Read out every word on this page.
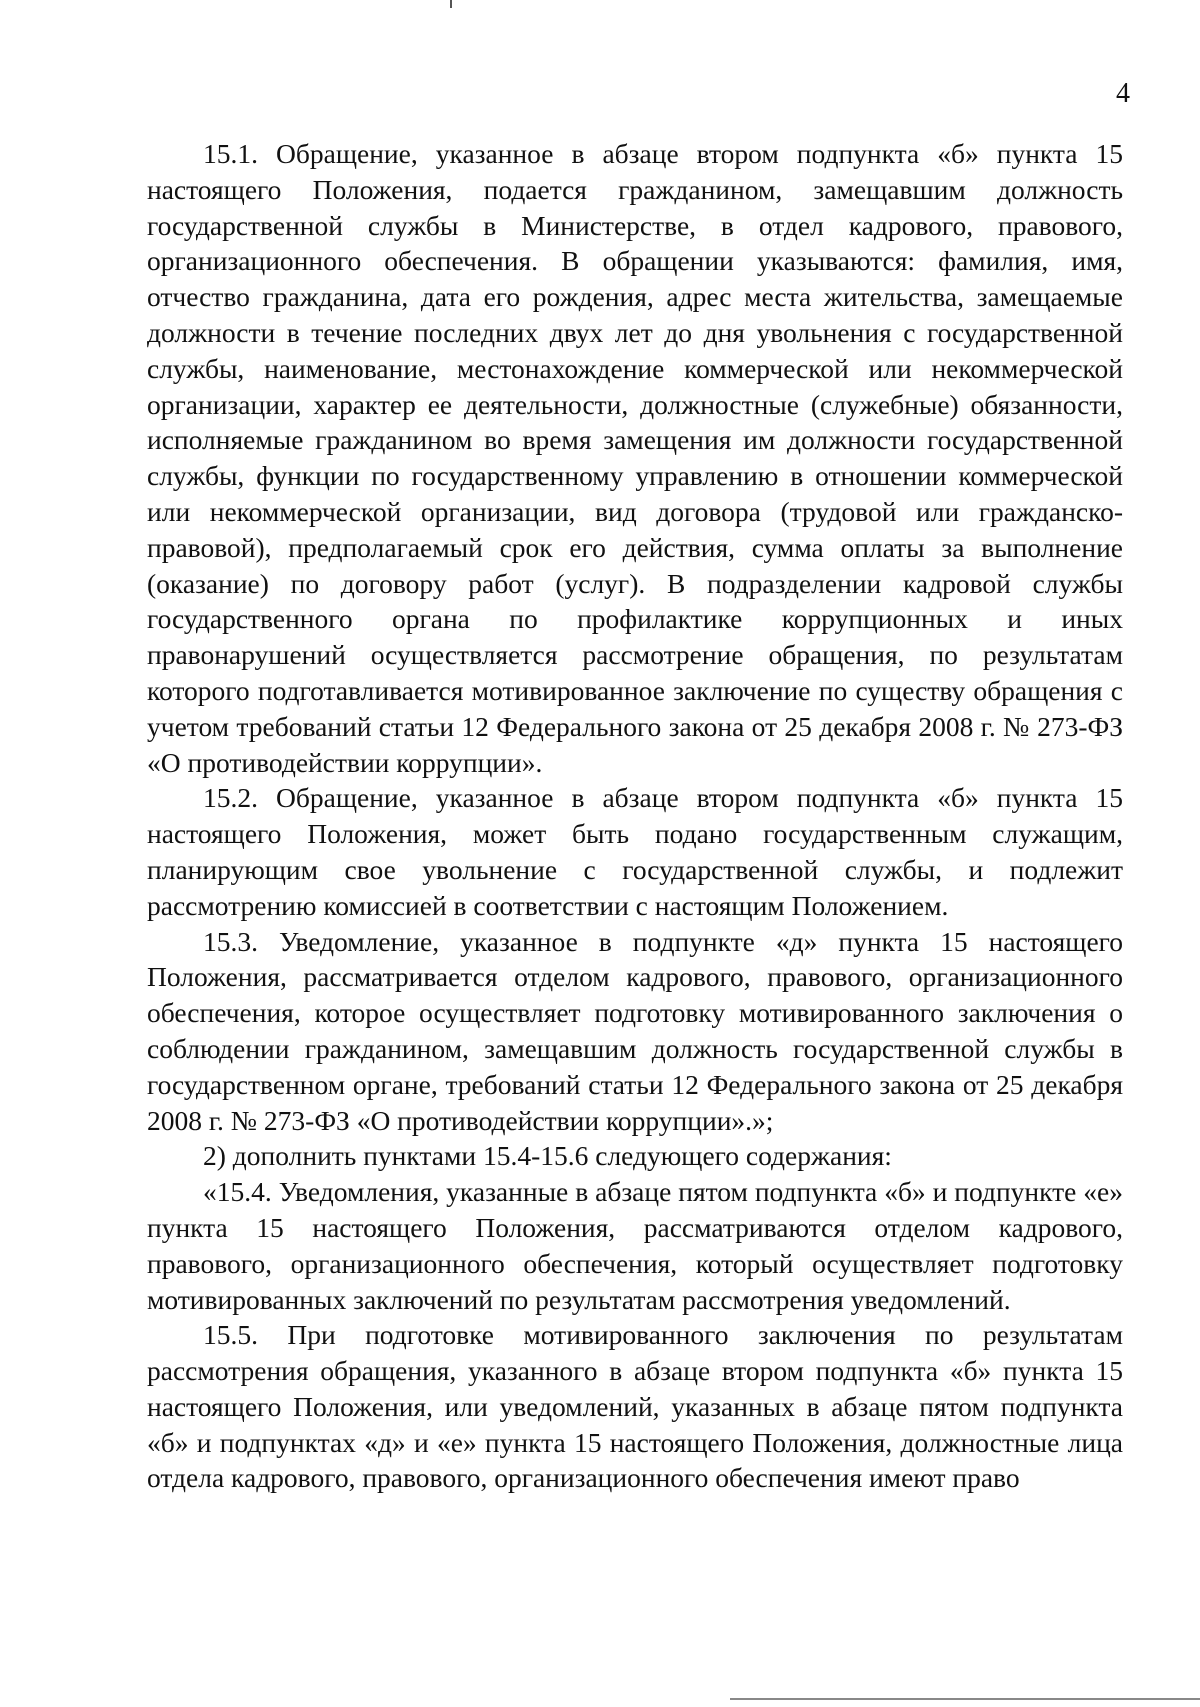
4

15.1. Обращение, указанное в абзаце втором подпункта «б» пункта 15 настоящего Положения, подается гражданином, замещавшим должность государственной службы в Министерстве, в отдел кадрового, правового, организационного обеспечения. В обращении указываются: фамилия, имя, отчество гражданина, дата его рождения, адрес места жительства, замещаемые должности в течение последних двух лет до дня увольнения с государственной службы, наименование, местонахождение коммерческой или некоммерческой организации, характер ее деятельности, должностные (служебные) обязанности, исполняемые гражданином во время замещения им должности государственной службы, функции по государственному управлению в отношении коммерческой или некоммерческой организации, вид договора (трудовой или гражданско-правовой), предполагаемый срок его действия, сумма оплаты за выполнение (оказание) по договору работ (услуг). В подразделении кадровой службы государственного органа по профилактике коррупционных и иных правонарушений осуществляется рассмотрение обращения, по результатам которого подготавливается мотивированное заключение по существу обращения с учетом требований статьи 12 Федерального закона от 25 декабря 2008 г. № 273-ФЗ «О противодействии коррупции».

15.2. Обращение, указанное в абзаце втором подпункта «б» пункта 15 настоящего Положения, может быть подано государственным служащим, планирующим свое увольнение с государственной службы, и подлежит рассмотрению комиссией в соответствии с настоящим Положением.

15.3. Уведомление, указанное в подпункте «д» пункта 15 настоящего Положения, рассматривается отделом кадрового, правового, организационного обеспечения, которое осуществляет подготовку мотивированного заключения о соблюдении гражданином, замещавшим должность государственной службы в государственном органе, требований статьи 12 Федерального закона от 25 декабря 2008 г. № 273-ФЗ «О противодействии коррупции».»;

2) дополнить пунктами 15.4-15.6 следующего содержания:

«15.4. Уведомления, указанные в абзаце пятом подпункта «б» и подпункте «е» пункта 15 настоящего Положения, рассматриваются отделом кадрового, правового, организационного обеспечения, который осуществляет подготовку мотивированных заключений по результатам рассмотрения уведомлений.

15.5. При подготовке мотивированного заключения по результатам рассмотрения обращения, указанного в абзаце втором подпункта «б» пункта 15 настоящего Положения, или уведомлений, указанных в абзаце пятом подпункта «б» и подпунктах «д» и «е» пункта 15 настоящего Положения, должностные лица отдела кадрового, правового, организационного обеспечения имеют право
